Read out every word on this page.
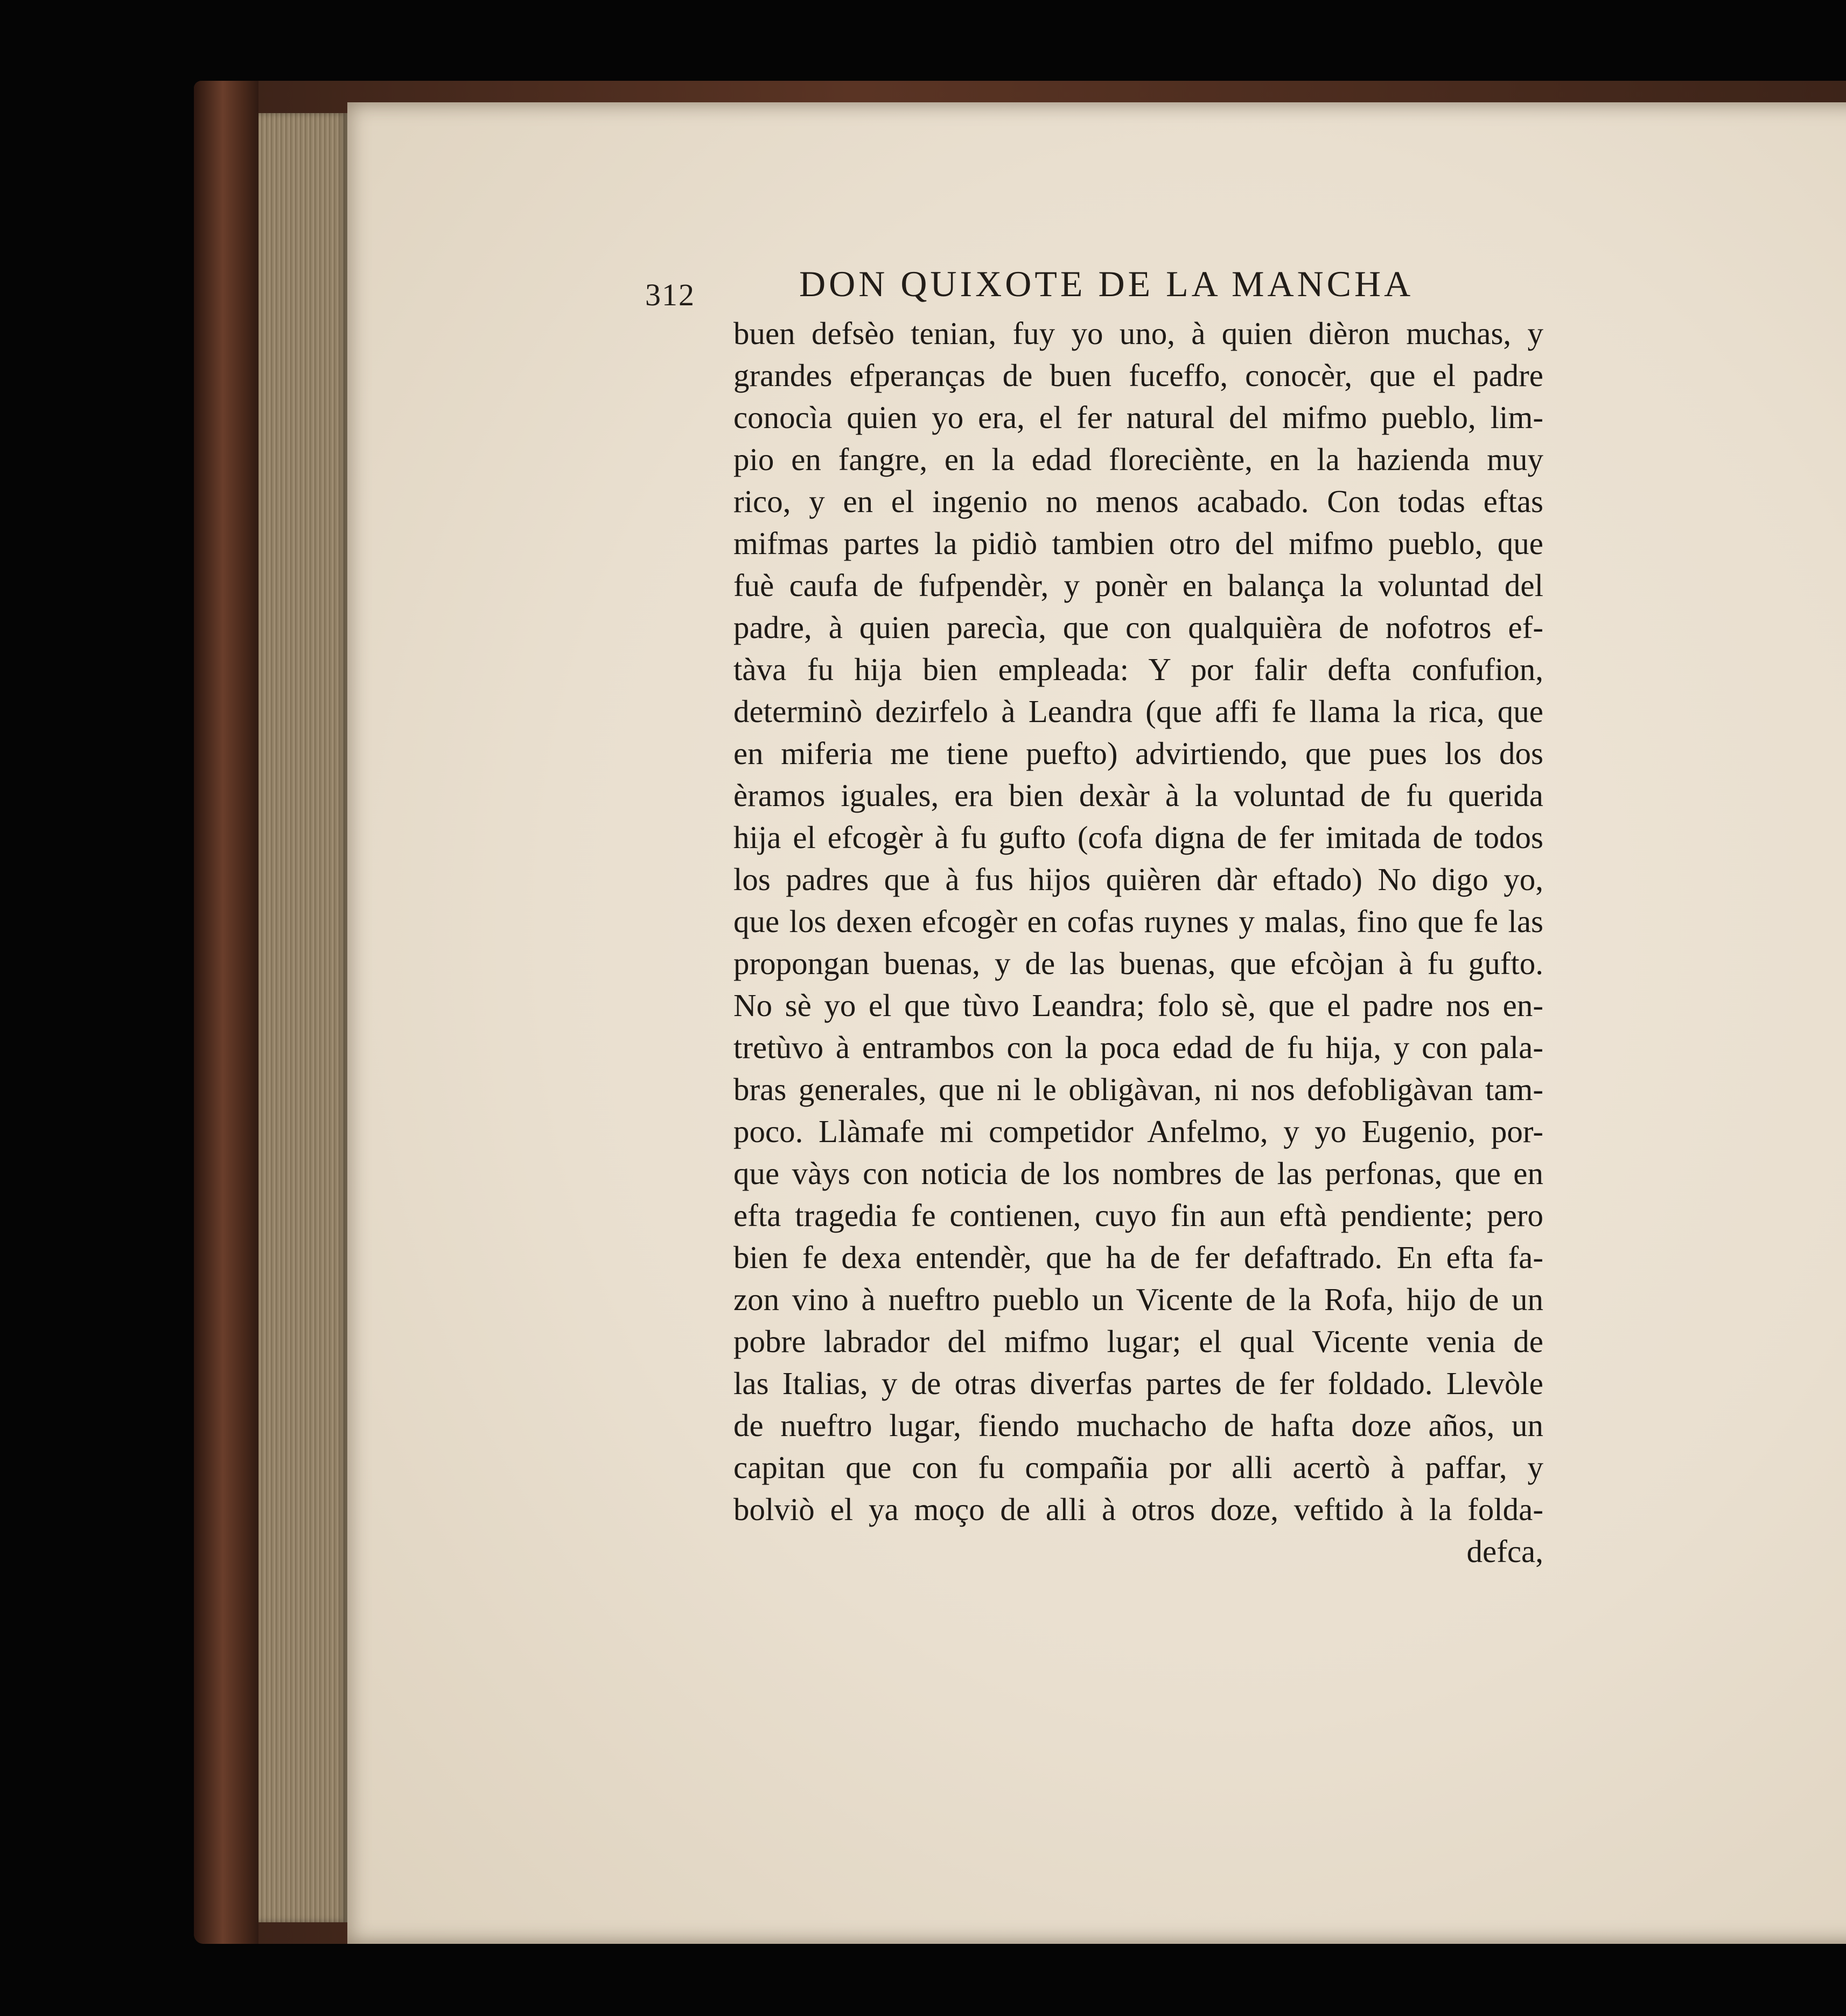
312	DON QUIXOTE DE LA MANCHA
buen defsèo tenian, fuy yo uno, à quien dièron muchas, y
grandes efperanças de buen fuceffo, conocèr, que el padre
conocìa quien yo era, el fer natural del mifmo pueblo, lim-
pio en fangre, en la edad floreciènte, en la hazienda muy
rico, y en el ingenio no menos acabado. Con todas eftas
mifmas partes la pidiò tambien otro del mifmo pueblo, que
fuè caufa de fufpendèr, y ponèr en balança la voluntad del
padre, à quien parecìa, que con qualquièra de nofotros ef-
tàva fu hija bien empleada: Y por falir defta confufion,
determinò dezirfelo à Leandra (que affi fe llama la rica, que
en miferia me tiene puefto) advirtiendo, que pues los dos
èramos iguales, era bien dexàr à la voluntad de fu querida
hija el efcogèr à fu gufto (cofa digna de fer imitada de todos
los padres que à fus hijos quièren dàr eftado) No digo yo,
que los dexen efcogèr en cofas ruynes y malas, fino que fe las
propongan buenas, y de las buenas, que efcòjan à fu gufto.
No sè yo el que tùvo Leandra; folo sè, que el padre nos en-
tretùvo à entrambos con la poca edad de fu hija, y con pala-
bras generales, que ni le obligàvan, ni nos defobligàvan tam-
poco. Llàmafe mi competidor Anfelmo, y yo Eugenio, por-
que vàys con noticia de los nombres de las perfonas, que en
efta tragedia fe contienen, cuyo fin aun eftà pendiente; pero
bien fe dexa entendèr, que ha de fer defaftrado. En efta fa-
zon vino à nueftro pueblo un Vicente de la Rofa, hijo de un
pobre labrador del mifmo lugar; el qual Vicente venia de
las Italias, y de otras diverfas partes de fer foldado. Llevòle
de nueftro lugar, fiendo muchacho de hafta doze años, un
capitan que con fu compañia por alli acertò à paffar, y
bolviò el ya moço de alli à otros doze, veftido à la folda-
defca,
